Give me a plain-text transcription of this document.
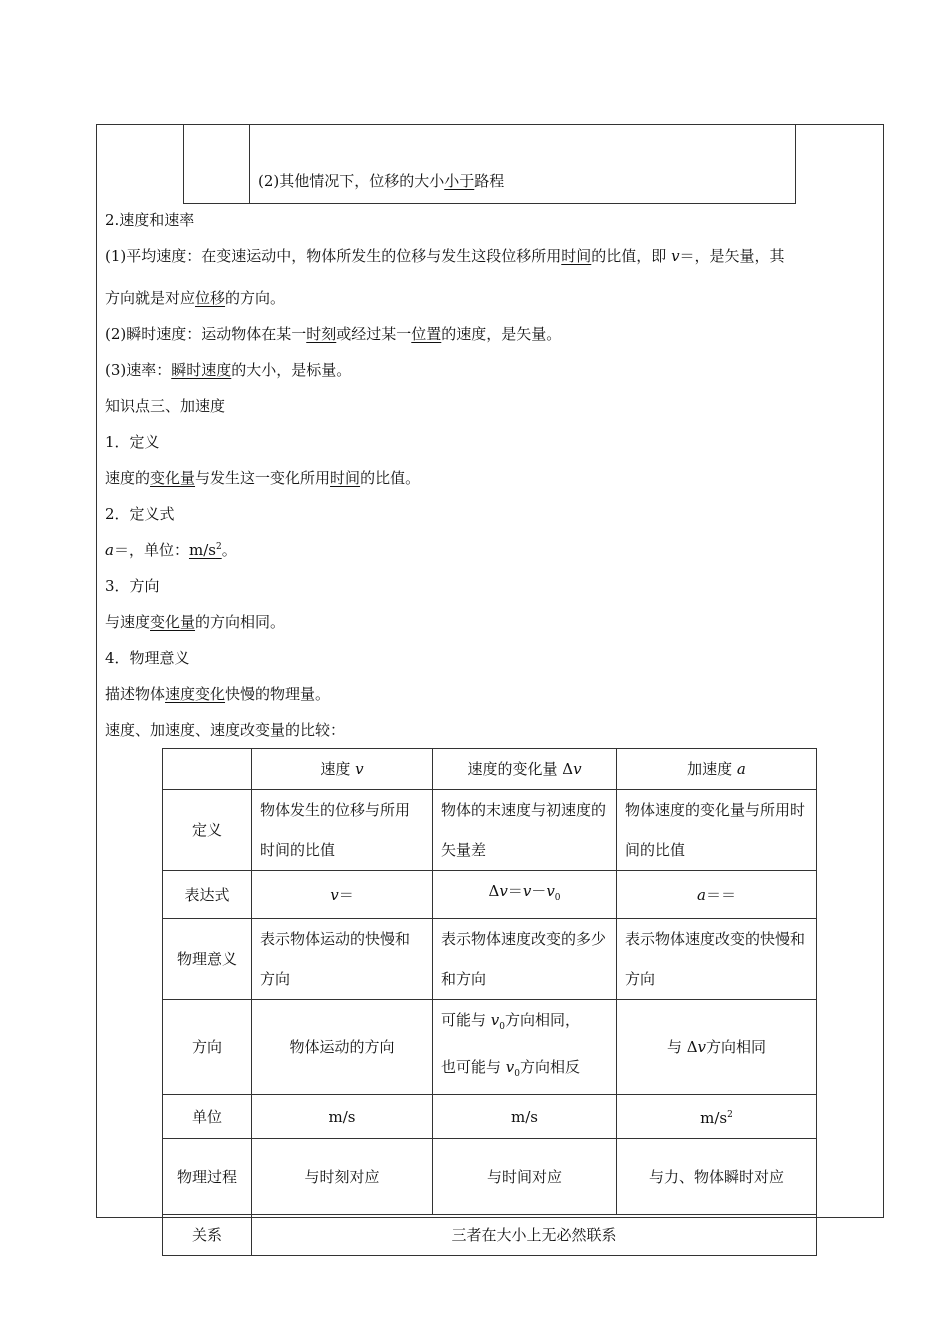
(2)其他情况下，位移的大小小于路程
2.速度和速率
(1)平均速度：在变速运动中，物体所发生的位移与发生这段位移所用时间的比值，即 v＝，是矢量，其
方向就是对应位移的方向。
(2)瞬时速度：运动物体在某一时刻或经过某一位置的速度，是矢量。
(3)速率：瞬时速度的大小，是标量。
知识点三、加速度
1．定义
速度的变化量与发生这一变化所用时间的比值。
2．定义式
a＝，单位：$m/s^2$。
3．方向
与速度变化量的方向相同。
4．物理意义
描述物体速度变化快慢的物理量。
速度、加速度、速度改变量的比较：
	速度 v	速度的变化量 Δv	加速度 a
定义	物体发生的位移与所用时间的比值	物体的末速度与初速度的矢量差	物体速度的变化量与所用时间的比值
表达式	v＝	$\Delta v=v-v_0$	a＝＝
物理意义	表示物体运动的快慢和方向	表示物体速度改变的多少和方向	表示物体速度改变的快慢和方向
方向	物体运动的方向	可能与 $v_0$方向相同，
也可能与 $v_0$方向相反	与 Δv方向相同
单位	m/s	m/s	$m/s^2$
物理过程	与时刻对应	与时间对应	与力、物体瞬时对应
关系	三者在大小上无必然联系		
